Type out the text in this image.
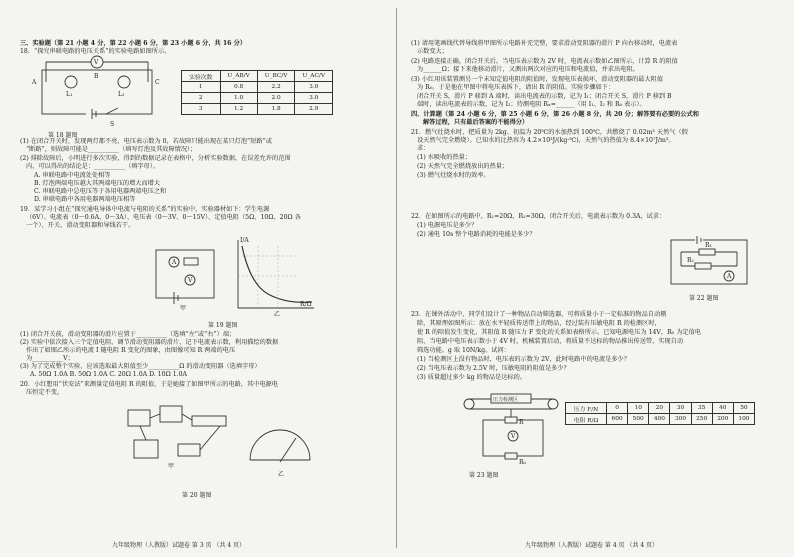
三、实验题（第 21 小题 4 分，第 22 小题 6 分，第 23 小题 6 分，共 16 分）
18．“探究串联电路的电压关系”的实验电路如图所示。
V
L₁	L₂
A
B
C
S
第 18 题图
实验次数	U_AB/V	U_BC/V	U_AC/V
1	0.8	2.2	3.0
2	1.0	2.0	3.0
3	1.2	1.8	2.9
(1) 在闭合开关时，发现两灯都不亮，电压表示数为 0，若故障只能出现在某只灯泡“短路”或
“断路”，则故障可能是__________（填写灯泡及其故障情况）；
(2) 排除故障后，小明进行多次实验，得到的数据记录在表格中，分析实验数据，在误差允许的范围
内，可以得出的结论是：__________（填字母）。
A. 串联电路中电流处处相等
B. 灯泡两端电压越大其两端电压的增大而增大
C. 串联电路中总电压等于各用电器两端电压之和
D. 串联电路中各用电器两端电压相等
19．某学习小组在“探究通电导体中电流与电阻的关系”的实验中，实验器材如下：学生电源
（6V）、电流表（0～0.6A、0～3A）、电压表（0～3V、0～15V）、定值电阻（5Ω、10Ω、20Ω 各
一个）、开关、滑动变阻器和导线若干。
A
V
甲
I/A
R/Ω
乙
第 19 题图
(1) 闭合开关前，滑动变阻器的滑片应置于__________（选填“左”或“右”）端；
(2) 实验中依次接入三个定值电阻，调节滑动变阻器的滑片，记下电流表示数，利用描绘的数据
作出了如图乙所示的电流 I 随电阻 R 变化的图象，由图像可知 R 两端的电压
为__________V；
(3) 为了完成整个实验，应该选取最大阻值至少__________Ω 的滑动变阻器（选填字母）
A. 50Ω 1.0A B. 50Ω 1.0A C. 20Ω 1.0A D. 10Ω 1.0A
20．小红想用“伏安法”来测量定值电阻 R 的阻值，于是她接了如图甲所示的电路，其中电源电
压恒定不变。
甲
乙
第 20 题图
九年级物理（人教版）试题卷 第 3 页 （共 4 页）
(1) 请用笔画线代替导线将甲图所示电路补充完整，要求滑动变阻器的滑片 P 向右移动时，电流表
示数变大；
(2) 电路连接正确，闭合开关后，当电压表示数为 2V 时，电流表示数如乙图所示，计算 R 的阻值
为______Ω；接下来他移动滑片，又测出两次对应的电压和电流值，并求出电阻。
(3) 小红用该装置测另一个未知定值电阻的阻值时，发现电压表损坏，滑动变阻器的最大阻值
为 R₀。于是他在甲图中将电压表拆下，请出 R 的阻值。实验步骤如下：
闭合开关 S，滑片 P 移到 A 端时，读出电流表的示数，记为 I₁；闭合开关 S，滑片 P 移到 B
端时，读出电流表的示数，记为 I₂；待测电阻 Rₓ=______（用 I₁、I₂ 和 R₀ 表示）。
四、计算题（第 24 小题 6 分，第 25 小题 6 分，第 26 小题 8 分，共 20 分；解答要有必要的公式和
解答过程，只有最后答案的不能得分）
21．燃气灶烧水时，把质量为 2kg、初温为 20℃的水加热到 100℃，共燃烧了 0.02m³ 天然气（假
设天然气完全燃烧）。已知水的比热容为 4.2×10³J/(kg·℃)，天然气的热值为 8.4×10⁷J/m³。
求：
(1) 水吸收的热量；
(2) 天然气完全燃烧放出的热量；
(3) 燃气灶烧水时的效率。
22．在如图所示的电路中，R₁=20Ω，R₂=30Ω，闭合开关后，电流表示数为 0.3A，试求：
(1) 电源电压是多少？
(2) 通电 10s 整个电路消耗的电能是多少？
R₁
R₂
A
第 22 题图
23．在课外活动中，同学们设计了一种物品自动筛选器，可将质量小于一定标准的物品自动剔
除，其原理如图所示：放在水平轻质传送带上的物品，经过装有压敏电阻 R 的检测区时，
使 R 的阻值发生变化，其阻值 R 随压力 F 变化的关系如表格所示。已知电源电压为 14V，R₀ 为定值电
阻，当电路中电压表示数小于 4V 时，机械装置启动，将质量不达标的物品推出传送带，实现自动
筛选功能。g 取 10N/kg。试问：
(1) 当检测区上没有物品时，电压表的示数为 2V，此时电路中的电流是多少？
(2) 当电压表示数为 2.5V 时，压敏电阻的阻值是多少？
(3) 质量超过多少 kg 的物品是达标的。
压力检测区
R
V
R₀
第 23 题图
压力 F/N	0	10	20	30	35	40	50
电阻 R/Ω	600	500	400	300	250	200	100
九年级物理（人教版）试题卷 第 4 页 （共 4 页）
